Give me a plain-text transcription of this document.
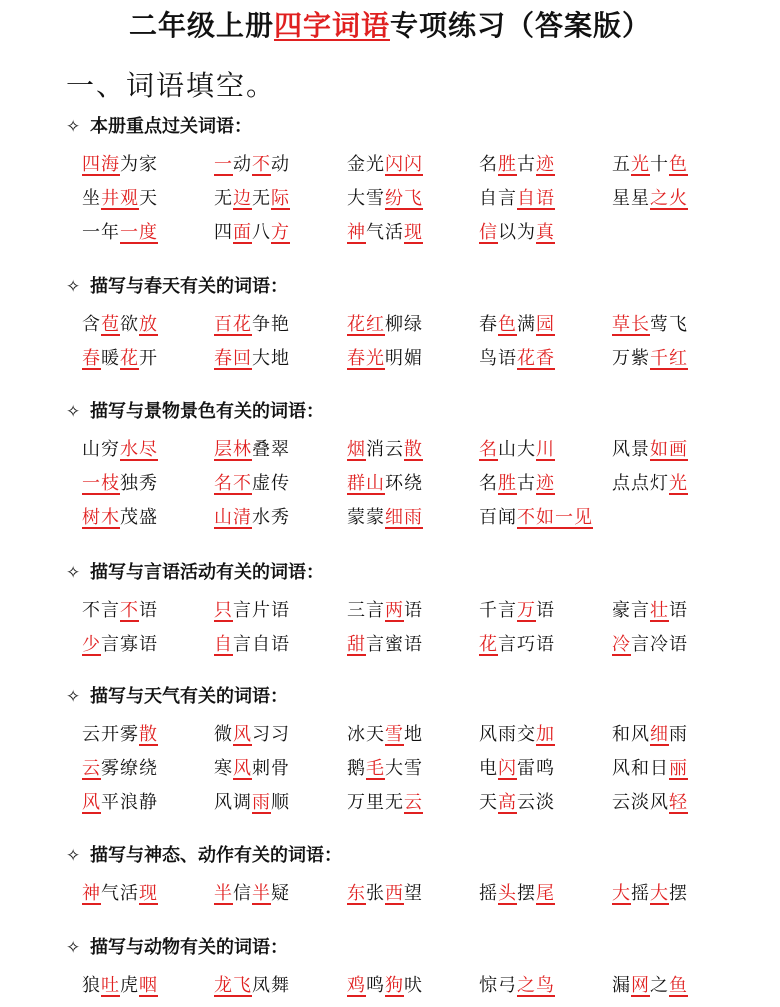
二年级上册四字词语专项练习（答案版）
一、词语填空。
✧ 本册重点过关词语：
四海为家	一动不动	金光闪闪	名胜古迹	五光十色
坐井观天	无边无际	大雪纷飞	自言自语	星星之火
一年一度	四面八方	神气活现	信以为真
✧ 描写与春天有关的词语：
含苞欲放	百花争艳	花红柳绿	春色满园	草长莺飞
春暖花开	春回大地	春光明媚	鸟语花香	万紫千红
✧ 描写与景物景色有关的词语：
山穷水尽	层林叠翠	烟消云散	名山大川	风景如画
一枝独秀	名不虚传	群山环绕	名胜古迹	点点灯光
树木茂盛	山清水秀	蒙蒙细雨	百闻不如一见
✧ 描写与言语活动有关的词语：
不言不语	只言片语	三言两语	千言万语	豪言壮语
少言寡语	自言自语	甜言蜜语	花言巧语	冷言冷语
✧ 描写与天气有关的词语：
云开雾散	微风习习	冰天雪地	风雨交加	和风细雨
云雾缭绕	寒风刺骨	鹅毛大雪	电闪雷鸣	风和日丽
风平浪静	风调雨顺	万里无云	天高云淡	云淡风轻
✧ 描写与神态、动作有关的词语：
神气活现	半信半疑	东张西望	摇头摆尾	大摇大摆
✧ 描写与动物有关的词语：
狼吐虎咽	龙飞凤舞	鸡鸣狗吠	惊弓之鸟	漏网之鱼
